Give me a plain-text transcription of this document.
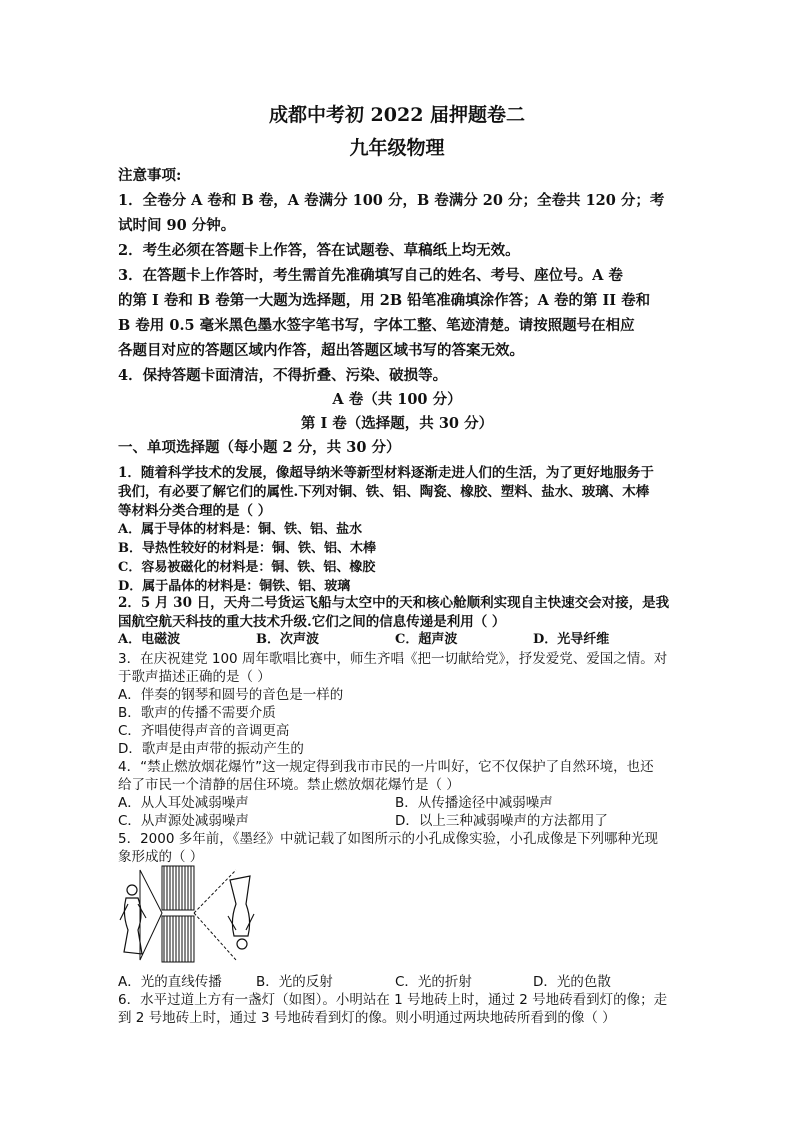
成都中考初 2022 届押题卷二
九年级物理
注意事项:
1．全卷分 A 卷和 B 卷，A 卷满分 100 分，B 卷满分 20 分；全卷共 120 分；考
试时间 90 分钟。
2．考生必须在答题卡上作答，答在试题卷、草稿纸上均无效。
3．在答题卡上作答时，考生需首先准确填写自己的姓名、考号、座位号。A 卷
的第 I 卷和 B 卷第一大题为选择题，用 2B 铅笔准确填涂作答；A 卷的第 II 卷和
B 卷用 0.5 毫米黑色墨水签字笔书写，字体工整、笔迹清楚。请按照题号在相应
各题目对应的答题区域内作答，超出答题区域书写的答案无效。
4．保持答题卡面清洁，不得折叠、污染、破损等。
A 卷（共 100 分）
第 I 卷（选择题，共 30 分）
一、单项选择题（每小题 2 分，共 30 分）
1．随着科学技术的发展，像超导纳米等新型材料逐渐走进人们的生活，为了更好地服务于
我们，有必要了解它们的属性.下列对铜、铁、铝、陶瓷、橡胶、塑料、盐水、玻璃、木棒
等材料分类合理的是（ ）
A．属于导体的材料是：铜、铁、铝、盐水
B．导热性较好的材料是：铜、铁、铝、木棒
C．容易被磁化的材料是：铜、铁、铝、橡胶
D．属于晶体的材料是：铜铁、铝、玻璃
2．5 月 30 日，天舟二号货运飞船与太空中的天和核心舱顺利实现自主快速交会对接，是我
国航空航天科技的重大技术升级.它们之间的信息传递是利用（ ）
A．电磁波	B．次声波	C．超声波	D．光导纤维
3．在庆祝建党 100 周年歌唱比赛中，师生齐唱《把一切献给党》，抒发爱党、爱国之情。对
于歌声描述正确的是（ ）
A．伴奏的钢琴和圆号的音色是一样的
B．歌声的传播不需要介质
C．齐唱使得声音的音调更高
D．歌声是由声带的振动产生的
4．“禁止燃放烟花爆竹”这一规定得到我市市民的一片叫好，它不仅保护了自然环境，也还
给了市民一个清静的居住环境。禁止燃放烟花爆竹是（ ）
A．从人耳处减弱噪声	B．从传播途径中减弱噪声
C．从声源处减弱噪声	D．以上三种减弱噪声的方法都用了
5．2000 多年前，《墨经》中就记载了如图所示的小孔成像实验，小孔成像是下列哪种光现
象形成的（ ）
A．光的直线传播	B．光的反射	C．光的折射	D．光的色散
6．水平过道上方有一盏灯（如图）。小明站在 1 号地砖上时，通过 2 号地砖看到灯的像；走
到 2 号地砖上时，通过 3 号地砖看到灯的像。则小明通过两块地砖所看到的像（ ）
